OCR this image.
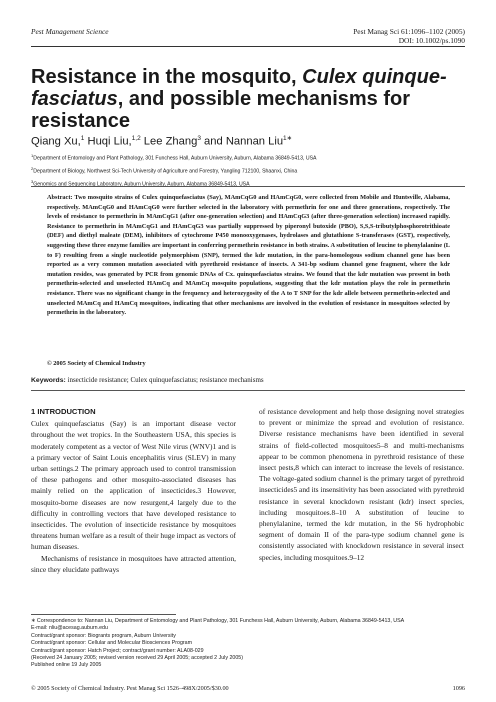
Pest Management Science	Pest Manag Sci 61:1096–1102 (2005)
DOI: 10.1002/ps.1090
Resistance in the mosquito, Culex quinque-fasciatus, and possible mechanisms for resistance
Qiang Xu,$^1$ Huqi Liu,$^{1,2}$ Lee Zhang$^3$ and Nannan Liu$^{1∗}$
$^1$Department of Entomology and Plant Pathology, 301 Funchess Hall, Auburn University, Auburn, Alabama 36849-5413, USA
$^2$Department of Biology, Northwest Sci-Tech University of Agriculture and Forestry, Yangling 712100, Shaanxi, China
$^3$Genomics and Sequencing Laboratory, Auburn University, Auburn, Alabama 36849-5413, USA
Abstract: Two mosquito strains of Culex quinquefasciatus (Say), MAmCqG0 and HAmCqG0, were collected from Mobile and Huntsville, Alabama, respectively. MAmCqG0 and HAmCqG0 were further selected in the laboratory with permethrin for one and three generations, respectively. The levels of resistance to permethrin in MAmCqG1 (after one-generation selection) and HAmCqG3 (after three-generation selection) increased rapidly. Resistance to permethrin in MAmCqG1 and HAmCqG3 was partially suppressed by piperonyl butoxide (PBO), S,S,S-tributylphosphorotrithioate (DEF) and diethyl maleate (DEM), inhibitors of cytochrome P450 monooxygenases, hydrolases and glutathione S-transferases (GST), respectively, suggesting these three enzyme families are important in conferring permethrin resistance in both strains. A substitution of leucine to phenylalanine (L to F) resulting from a single nucleotide polymorphism (SNP), termed the kdr mutation, in the para-homologous sodium channel gene has been reported as a very common mutation associated with pyrethroid resistance of insects. A 341-bp sodium channel gene fragment, where the kdr mutation resides, was generated by PCR from genomic DNAs of Cx. quinquefasciatus strains. We found that the kdr mutation was present in both permethrin-selected and unselected HAmCq and MAmCq mosquito populations, suggesting that the kdr mutation plays the role in permethrin resistance. There was no significant change in the frequency and heterozygosity of the A to T SNP for the kdr allele between permethrin-selected and unselected MAmCq and HAmCq mosquitoes, indicating that other mechanisms are involved in the evolution of resistance in mosquitoes selected by permethrin in the laboratory.
© 2005 Society of Chemical Industry
Keywords: insecticide resistance; Culex quinquefasciatus; resistance mechanisms
1 INTRODUCTION

Culex quinquefasciatus (Say) is an important disease vector throughout the wet tropics. In the Southeastern USA, this species is moderately competent as a vector of West Nile virus (WNV)1 and is a primary vector of Saint Louis encephalitis virus (SLEV) in many urban settings.2 The primary approach used to control transmission of these pathogens and other mosquito-associated diseases has mainly relied on the application of insecticides.3 However, mosquito-borne diseases are now resurgent,4 largely due to the difficulty in controlling vectors that have developed resistance to insecticides. The evolution of insecticide resistance by mosquitoes threatens human welfare as a result of their huge impact as vectors of human diseases.

Mechanisms of resistance in mosquitoes have attracted attention, since they elucidate pathways

of resistance development and help those designing novel strategies to prevent or minimize the spread and evolution of resistance. Diverse resistance mechanisms have been identified in several strains of field-collected mosquitoes5–8 and multi-mechanisms appear to be common phenomena in pyrethroid resistance of these insect pests,8 which can interact to increase the levels of resistance. The voltage-gated sodium channel is the primary target of pyrethroid insecticides5 and its insensitivity has been associated with pyrethroid resistance in several knockdown resistant (kdr) insect species, including mosquitoes.8–10 A substitution of leucine to phenylalanine, termed the kdr mutation, in the S6 hydrophobic segment of domain II of the para-type sodium channel gene is consistently associated with knockdown resistance in several insect species, including mosquitoes.9–12

∗ Correspondence to: Nannan Liu, Department of Entomology and Plant Pathology, 301 Funchess Hall, Auburn University, Auburn, Alabama 36849-5413, USA
E-mail: nliu@acesag.auburn.edu
Contract/grant sponsor: Biogrants program, Auburn University
Contract/grant sponsor: Cellular and Molecular Biosciences Program
Contract/grant sponsor: Hatch Project; contract/grant number: ALA08-029
(Received 24 January 2005; revised version received 29 April 2005; accepted 2 July 2005)
Published online 19 July 2005
© 2005 Society of Chemical Industry. Pest Manag Sci 1526–498X/2005/$30.00	1096
